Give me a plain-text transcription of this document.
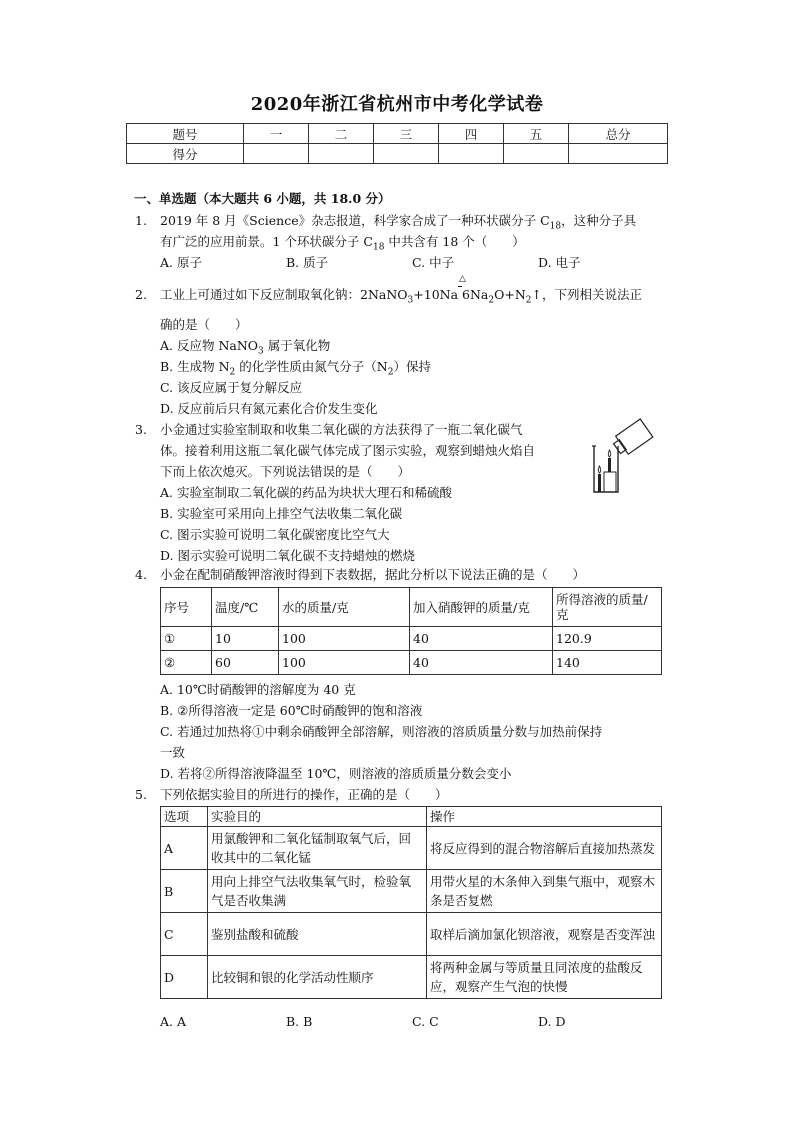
2020年浙江省杭州市中考化学试卷
题号	一	二	三	四	五	总分
得分						
一、单选题（本大题共 6 小题，共 18.0 分）
1. 2019 年 8 月《Science》杂志报道，科学家合成了一种环状碳分子 $C_{18}$，这种分子具
有广泛的应用前景。1 个环状碳分子 $C_{18}$ 中共含有 18 个（　　）
A. 原子	B. 质子	C. 中子	D. 电子
2. 工业上可通过如下反应制取氧化钠：2NaNO$_3$+10Na
△
$6Na_2O+N_2↑$，下列相关说法正
确的是（　　）
A. 反应物 NaNO$_3$ 属于氧化物
B. 生成物 $N_2$ 的化学性质由氮气分子$(N_2)$保持
C. 该反应属于复分解反应
D. 反应前后只有氮元素化合价发生变化
3. 小金通过实验室制取和收集二氧化碳的方法获得了一瓶二氧化碳气
体。接着利用这瓶二氧化碳气体完成了图示实验，观察到蜡烛火焰自
下而上依次熄灭。下列说法错误的是（　　）
A. 实验室制取二氧化碳的药品为块状大理石和稀硫酸
B. 实验室可采用向上排空气法收集二氧化碳
C. 图示实验可说明二氧化碳密度比空气大
D. 图示实验可说明二氧化碳不支持蜡烛的燃烧
4. 小金在配制硝酸钾溶液时得到下表数据，据此分析以下说法正确的是（　　）
序号	温度/℃	水的质量/克	加入硝酸钾的质量/克	所得溶液的质量/克
①	10	100	40	120.9
②	60	100	40	140
A. 10℃时硝酸钾的溶解度为 40 克
B. ②所得溶液一定是 60℃时硝酸钾的饱和溶液
C. 若通过加热将①中剩余硝酸钾全部溶解，则溶液的溶质质量分数与加热前保持
一致
D. 若将②所得溶液降温至 10℃，则溶液的溶质质量分数会变小
5. 下列依据实验目的所进行的操作，正确的是（　　）
选项	实验目的	操作
A	用氯酸钾和二氧化锰制取氧气后，回收其中的二氧化锰	将反应得到的混合物溶解后直接加热蒸发
B	用向上排空气法收集氧气时，检验氧气是否收集满	用带火星的木条伸入到集气瓶中，观察木条是否复燃
C	鉴别盐酸和硫酸	取样后滴加氯化钡溶液，观察是否变浑浊
D	比较铜和银的化学活动性顺序	将两种金属与等质量且同浓度的盐酸反应，观察产生气泡的快慢
A. A	B. B	C. C	D. D
